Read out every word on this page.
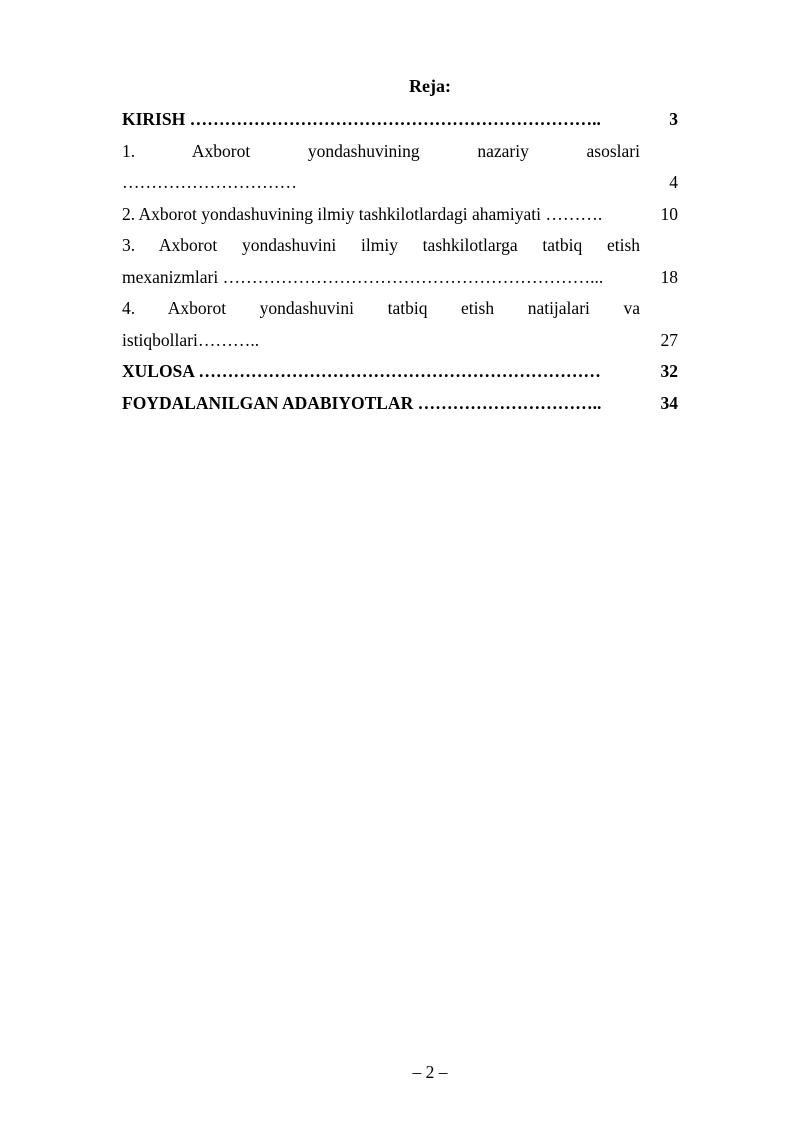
Reja:
KIRISH ……………………………………………………………..	3
1. Axborot yondashuvining nazariy asoslari
…………………………	4
2. Axborot yondashuvining ilmiy tashkilotlardagi ahamiyati ……….	10
3. Axborot yondashuvini ilmiy tashkilotlarga tatbiq etish
mexanizmlari ………………………………………………………...	18
4. Axborot yondashuvini tatbiq etish natijalari va
istiqbollari………..	27
XULOSA ……………………………………………………………	32
FOYDALANILGAN ADABIYOTLAR …………………………..	34
– 2 –
